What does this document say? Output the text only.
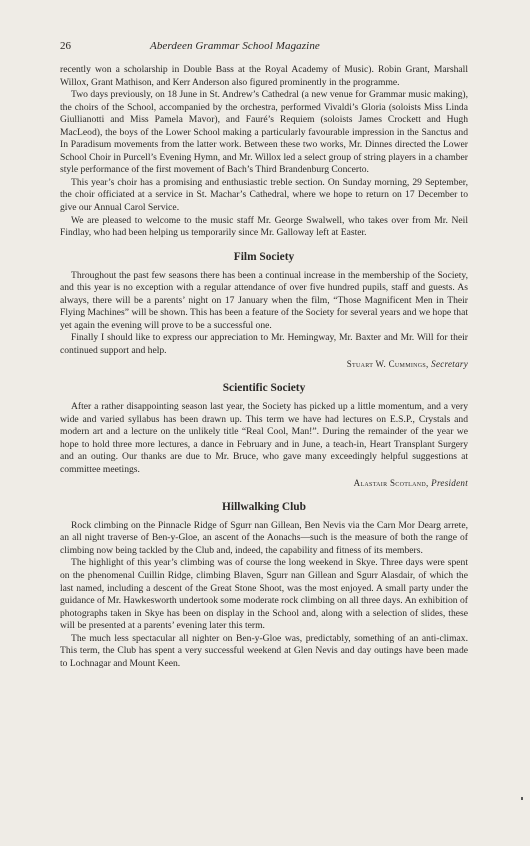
26	Aberdeen Grammar School Magazine

recently won a scholarship in Double Bass at the Royal Academy of Music). Robin Grant, Marshall Willox, Grant Mathison, and Kerr Anderson also figured prominently in the programme.

Two days previously, on 18 June in St. Andrew’s Cathedral (a new venue for Grammar music making), the choirs of the School, accompanied by the orchestra, performed Vivaldi’s Gloria (soloists Miss Linda Giullianotti and Miss Pamela Mavor), and Fauré’s Requiem (soloists James Crockett and Hugh MacLeod), the boys of the Lower School making a particularly favourable impression in the Sanctus and In Paradisum movements from the latter work. Between these two works, Mr. Dinnes directed the Lower School Choir in Purcell’s Evening Hymn, and Mr. Willox led a select group of string players in a chamber style performance of the first movement of Bach’s Third Brandenburg Concerto.

This year’s choir has a promising and enthusiastic treble section. On Sunday morning, 29 September, the choir officiated at a service in St. Machar’s Cathedral, where we hope to return on 17 December to give our Annual Carol Service.

We are pleased to welcome to the music staff Mr. George Swalwell, who takes over from Mr. Neil Findlay, who had been helping us temporarily since Mr. Galloway left at Easter.

Film Society

Throughout the past few seasons there has been a continual increase in the membership of the Society, and this year is no exception with a regular attendance of over five hundred pupils, staff and guests. As always, there will be a parents’ night on 17 January when the film, “Those Magnificent Men in Their Flying Machines” will be shown. This has been a feature of the Society for several years and we hope that yet again the evening will prove to be a successful one.

Finally I should like to express our appreciation to Mr. Hemingway, Mr. Baxter and Mr. Will for their continued support and help.

Stuart W. Cummings, Secretary
Scientific Society

After a rather disappointing season last year, the Society has picked up a little momentum, and a very wide and varied syllabus has been drawn up. This term we have had lectures on E.S.P., Crystals and modern art and a lecture on the unlikely title “Real Cool, Man!”. During the remainder of the year we hope to hold three more lectures, a dance in February and in June, a teach-in, Heart Transplant Surgery and an outing. Our thanks are due to Mr. Bruce, who gave many exceedingly helpful suggestions at committee meetings.

Alastair Scotland, President
Hillwalking Club

Rock climbing on the Pinnacle Ridge of Sgurr nan Gillean, Ben Nevis via the Carn Mor Dearg arrete, an all night traverse of Ben-y-Gloe, an ascent of the Aonachs—such is the measure of both the range of climbing now being tackled by the Club and, indeed, the capability and fitness of its members.

The highlight of this year’s climbing was of course the long weekend in Skye. Three days were spent on the phenomenal Cuillin Ridge, climbing Blaven, Sgurr nan Gillean and Sgurr Alasdair, of which the last named, including a descent of the Great Stone Shoot, was the most enjoyed. A small party under the guidance of Mr. Hawkesworth undertook some moderate rock climbing on all three days. An exhibition of photographs taken in Skye has been on display in the School and, along with a selection of slides, these will be presented at a parents’ evening later this term.

The much less spectacular all nighter on Ben-y-Gloe was, predictably, something of an anti-climax. This term, the Club has spent a very successful weekend at Glen Nevis and day outings have been made to Lochnagar and Mount Keen.
